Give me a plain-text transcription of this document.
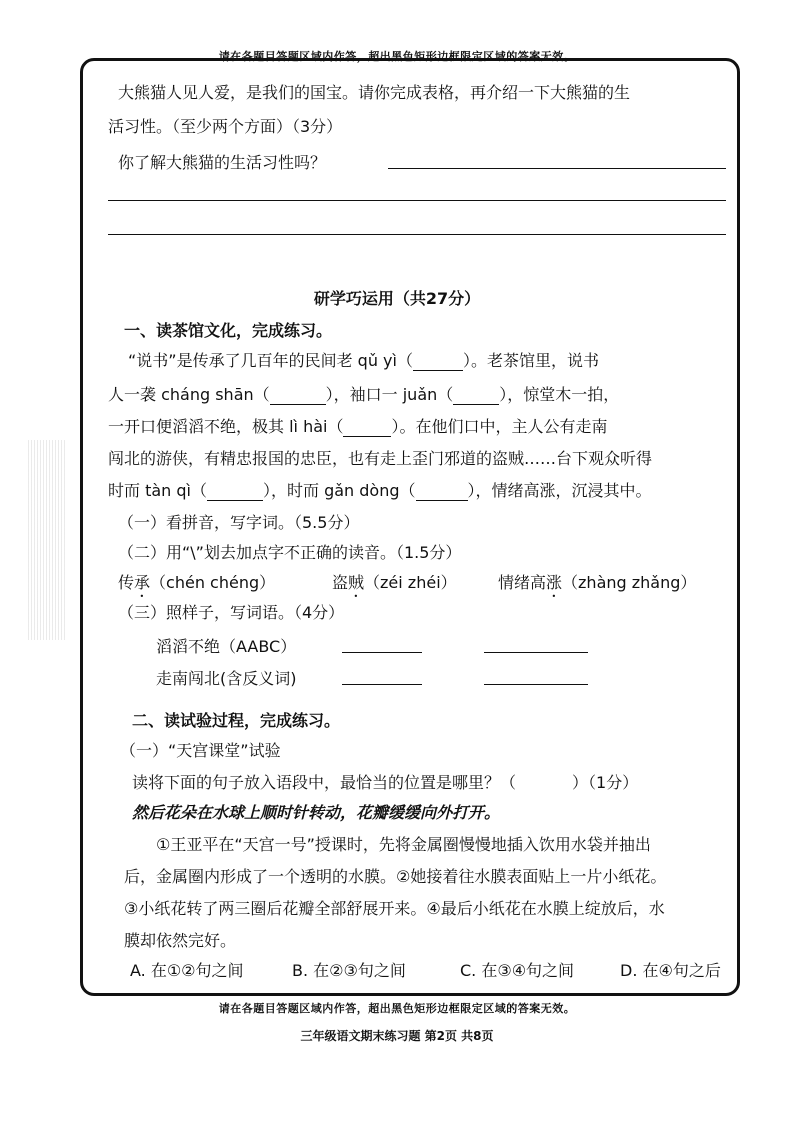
请在各题目答题区域内作答，超出黑色矩形边框限定区域的答案无效。
大熊猫人见人爱，是我们的国宝。请你完成表格，再介绍一下大熊猫的生
活习性。（至少两个方面）（3分）
你了解大熊猫的生活习性吗？
研学巧运用（共27分）
一、读茶馆文化，完成练习。
“说书”是传承了几百年的民间老 qǔ yì（	）。老茶馆里，说书
人一袭 cháng shān（	），袖口一 juǎn（	），惊堂木一拍，
一开口便滔滔不绝，极其 lì hài（	）。在他们口中，主人公有走南
闯北的游侠，有精忠报国的忠臣，也有走上歪门邪道的盗贼……台下观众听得
时而 tàn qì（	），时而 gǎn dòng（	），情绪高涨，沉浸其中。
（一）看拼音，写字词。（5.5分）
（二）用“\”划去加点字不正确的读音。（1.5分）
传承（chén chéng）	盗贼（zéi zhéi）	情绪高涨（zhàng zhǎng）
（三）照样子，写词语。（4分）
滔滔不绝（AABC）
走南闯北(含反义词)
二、读试验过程，完成练习。
（一）“天宫课堂”试验
读将下面的句子放入语段中，最恰当的位置是哪里？（	）（1分）
然后花朵在水球上顺时针转动，花瓣缓缓向外打开。
①王亚平在“天宫一号”授课时，先将金属圈慢慢地插入饮用水袋并抽出
后，金属圈内形成了一个透明的水膜。②她接着往水膜表面贴上一片小纸花。
③小纸花转了两三圈后花瓣全部舒展开来。④最后小纸花在水膜上绽放后，水
膜却依然完好。
A. 在①②句之间	B. 在②③句之间	C. 在③④句之间	D. 在④句之后
请在各题目答题区域内作答，超出黑色矩形边框限定区域的答案无效。
三年级语文期末练习题 第2页 共8页
